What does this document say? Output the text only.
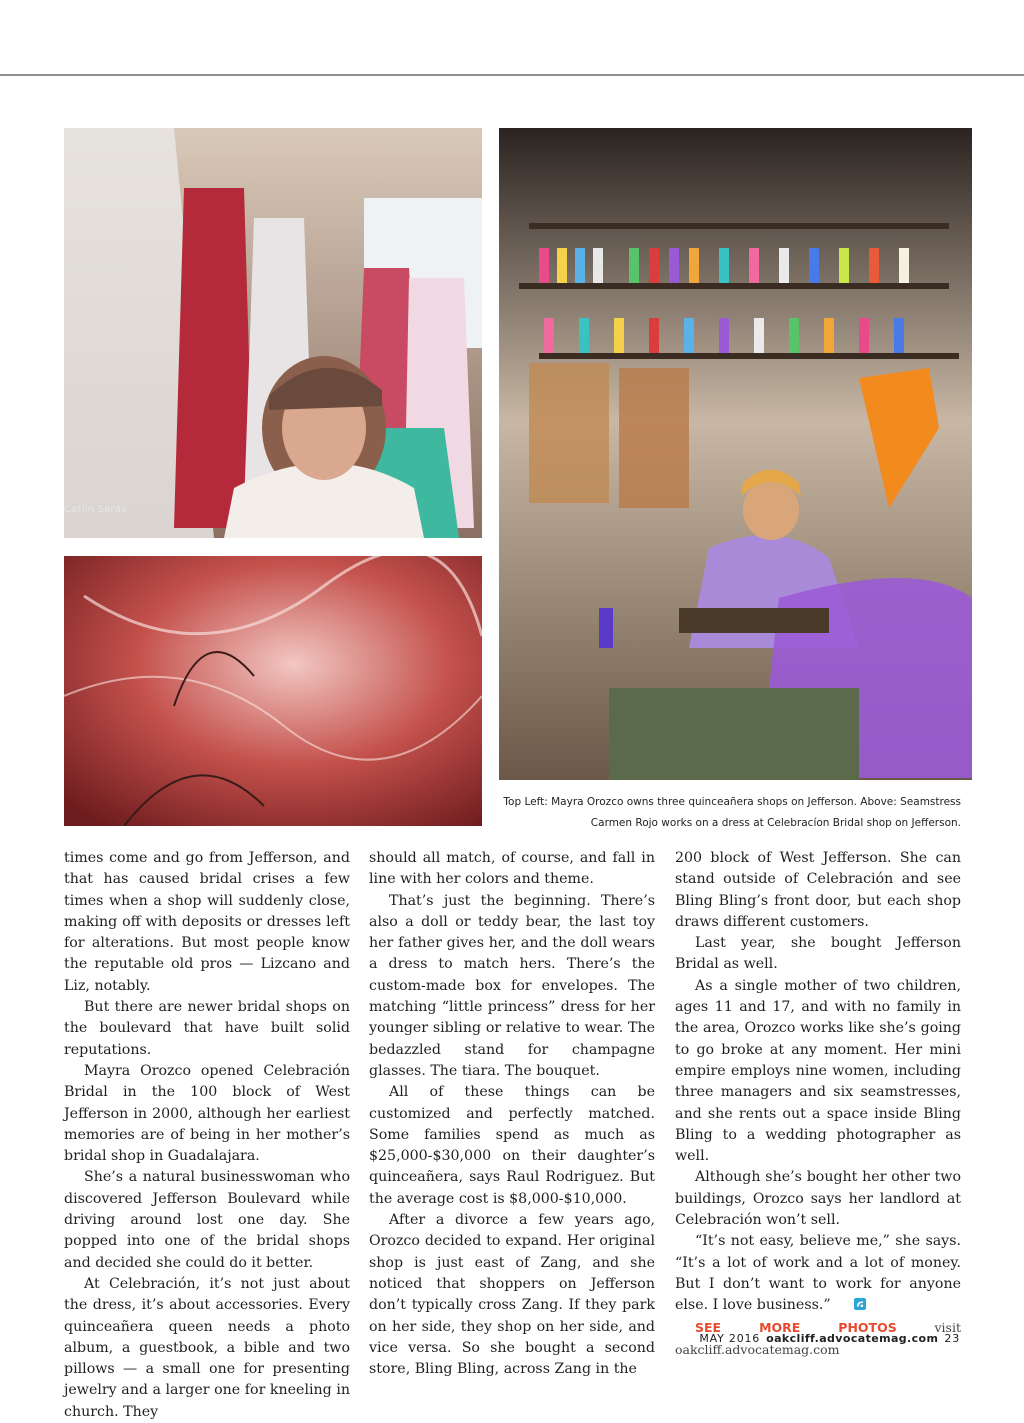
Catlin Saras
Top Left: Mayra Orozco owns three quinceañera shops on Jefferson. Above: Seamstress Carmen Rojo works on a dress at Celebracíon Bridal shop on Jefferson.

times come and go from Jefferson, and that has caused bridal crises a few times when a shop will suddenly close, making off with deposits or dresses left for alterations. But most people know the reputable old pros — Lizcano and Liz, notably.

But there are newer bridal shops on the boulevard that have built solid reputations.

Mayra Orozco opened Celebración Bridal in the 100 block of West Jefferson in 2000, although her earliest memories are of being in her mother’s bridal shop in Guadalajara.

She’s a natural businesswoman who discovered Jefferson Boulevard while driving around lost one day. She popped into one of the bridal shops and decided she could do it better.

At Celebración, it’s not just about the dress, it’s about accessories. Every quinceañera queen needs a photo album, a guestbook, a bible and two pillows — a small one for presenting jewelry and a larger one for kneeling in church. They

should all match, of course, and fall in line with her colors and theme.

That’s just the beginning. There’s also a doll or teddy bear, the last toy her father gives her, and the doll wears a dress to match hers. There’s the custom-made box for envelopes. The matching “little princess” dress for her younger sibling or relative to wear. The bedazzled stand for champagne glasses. The tiara. The bouquet.

All of these things can be customized and perfectly matched. Some families spend as much as $25,000-$30,000 on their daughter’s quinceañera, says Raul Rodriguez. But the average cost is $8,000-$10,000.

After a divorce a few years ago, Orozco decided to expand. Her original shop is just east of Zang, and she noticed that shoppers on Jefferson don’t typically cross Zang. If they park on her side, they shop on her side, and vice versa. So she bought a second store, Bling Bling, across Zang in the

200 block of West Jefferson. She can stand outside of Celebración and see Bling Bling’s front door, but each shop draws different customers.

Last year, she bought Jefferson Bridal as well.

As a single mother of two children, ages 11 and 17, and with no family in the area, Orozco works like she’s going to go broke at any moment. Her mini empire employs nine women, including three managers and six seamstresses, and she rents out a space inside Bling Bling to a wedding photographer as well.

Although she’s bought her other two buildings, Orozco says her landlord at Celebración won’t sell.

“It’s not easy, believe me,” she says. “It’s a lot of work and a lot of money. But I don’t want to work for anyone else. I love business.”

SEE MORE PHOTOS	visit oakcliff.advocatemag.com

MAY 2016 oakcliff.advocatemag.com 23
